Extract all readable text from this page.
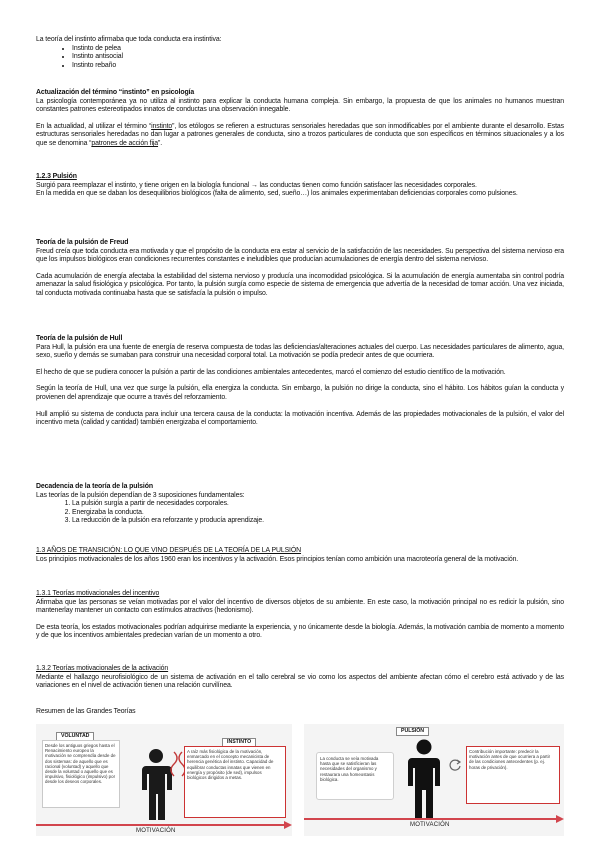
La teoría del instinto afirmaba que toda conducta era instintiva:

• Instinto de pelea
• Instinto antisocial
• Instinto rebaño

Actualización del término “instinto” en psicología

La psicología contemporánea ya no utiliza al instinto para explicar la conducta humana compleja. Sin embargo, la propuesta de que los animales no humanos muestran constantes patrones estereotipados innatos de conductas una observación innegable.

En la actualidad, al utilizar el término “instinto”, los etólogos se refieren a estructuras sensoriales heredadas que son inmodificables por el ambiente durante el desarrollo. Estas estructuras sensoriales heredadas no dan lugar a patrones generales de conducta, sino a trozos particulares de conducta que son específicos en términos situacionales y a los que se denomina “patrones de acción fija”.

1.2.3 Pulsión

Surgió para reemplazar el instinto, y tiene origen en la biología funcional → las conductas tienen como función satisfacer las necesidades corporales.

En la medida en que se daban los desequilibrios biológicos (falta de alimento, sed, sueño…) los animales experimentaban deficiencias corporales como pulsiones.

Teoría de la pulsión de Freud

Freud creía que toda conducta era motivada y que el propósito de la conducta era estar al servicio de la satisfacción de las necesidades. Su perspectiva del sistema nervioso era que los impulsos biológicos eran condiciones recurrentes constantes e ineludibles que producían acumulaciones de energía dentro del sistema nervioso.

Cada acumulación de energía afectaba la estabilidad del sistema nervioso y producía una incomodidad psicológica. Si la acumulación de energía aumentaba sin control podría amenazar la salud fisiológica y psicológica. Por tanto, la pulsión surgía como especie de sistema de emergencia que advertía de la necesidad de tomar acción. Una vez iniciada, tal conducta motivada continuaba hasta que se satisfacía la pulsión o impulso.

Teoría de la pulsión de Hull

Para Hull, la pulsión era una fuente de energía de reserva compuesta de todas las deficiencias/alteraciones actuales del cuerpo. Las necesidades particulares de alimento, agua, sexo, sueño y demás se sumaban para construir una necesidad corporal total. La motivación se podía predecir antes de que ocurriera.

El hecho de que se pudiera conocer la pulsión a partir de las condiciones ambientales antecedentes, marcó el comienzo del estudio científico de la motivación.

Según la teoría de Hull, una vez que surge la pulsión, ella energiza la conducta. Sin embargo, la pulsión no dirige la conducta, sino el hábito. Los hábitos guían la conducta y provienen del aprendizaje que ocurre a través del reforzamiento.

Hull amplió su sistema de conducta para incluir una tercera causa de la conducta: la motivación incentiva. Además de las propiedades motivacionales de la pulsión, el valor del incentivo meta (calidad y cantidad) también energizaba el comportamiento.

Decadencia de la teoría de la pulsión

Las teorías de la pulsión dependían de 3 suposiciones fundamentales:

1. La pulsión surgía a partir de necesidades corporales.
2. Energizaba la conducta.
3. La reducción de la pulsión era reforzante y producía aprendizaje.

1.3 AÑOS DE TRANSICIÓN: LO QUE VINO DESPUÉS DE LA TEORÍA DE LA PULSIÓN

Los principios motivacionales de los años 1960 eran los incentivos y la activación. Esos principios tenían como ambición una macroteoría general de la motivación.

1.3.1 Teorías motivacionales del incentivo

Afirmaba que las personas se veían motivadas por el valor del incentivo de diversos objetos de su ambiente. En este caso, la motivación principal no es redicir la pulsión, sino mantenerlay mantener un contacto con estímulos atractivos (hedonismo).

De esta teoría, los estados motivacionales podrían adquirirse mediante la experiencia, y no únicamente desde la biología. Además, la motivación cambia de momento a momento y de que los incentivos ambientales predecian varían de un momento a otro.

1.3.2 Teorías motivacionales de la activación

Mediante el hallazgo neurofisiológico de un sistema de activación en el tallo cerebral se vio como los aspectos del ambiente afectan cómo el cerebro está activado y de las variaciones en el nivel de activación tienen una relación curvilínea.

Resumen de las Grandes Teorías

VOLUNTAD
Desde los antiguos griegos hasta el Renacimiento europeo la motivación se comprendía desde de dos sistemas: de aquello que es racional (voluntad) y aquello que desde la voluntad o aquello que es impulsivo, fisiológico (impulsivo) por desde los deseos corporales.
INSTINTO
A raíz más fisiológica de la motivación, enmarcado en el concepto mecanicista de herencia genética del instinto. Capacidad de equilibrar conductas innatas que vienen en energía y propósito (de sed), impulsos biológicos dirigidos a metas.
MOTIVACIÓN
PULSIÓN
La conducta se veía motivada hasta que se satisficieran las necesidades del organismo y restaurara una homeostasis biológica.
Contribución importante: predecir la motivación antes de que ocurriera a partir de las condiciones antecedentes (p. ej. horas de privación).
MOTIVACIÓN
